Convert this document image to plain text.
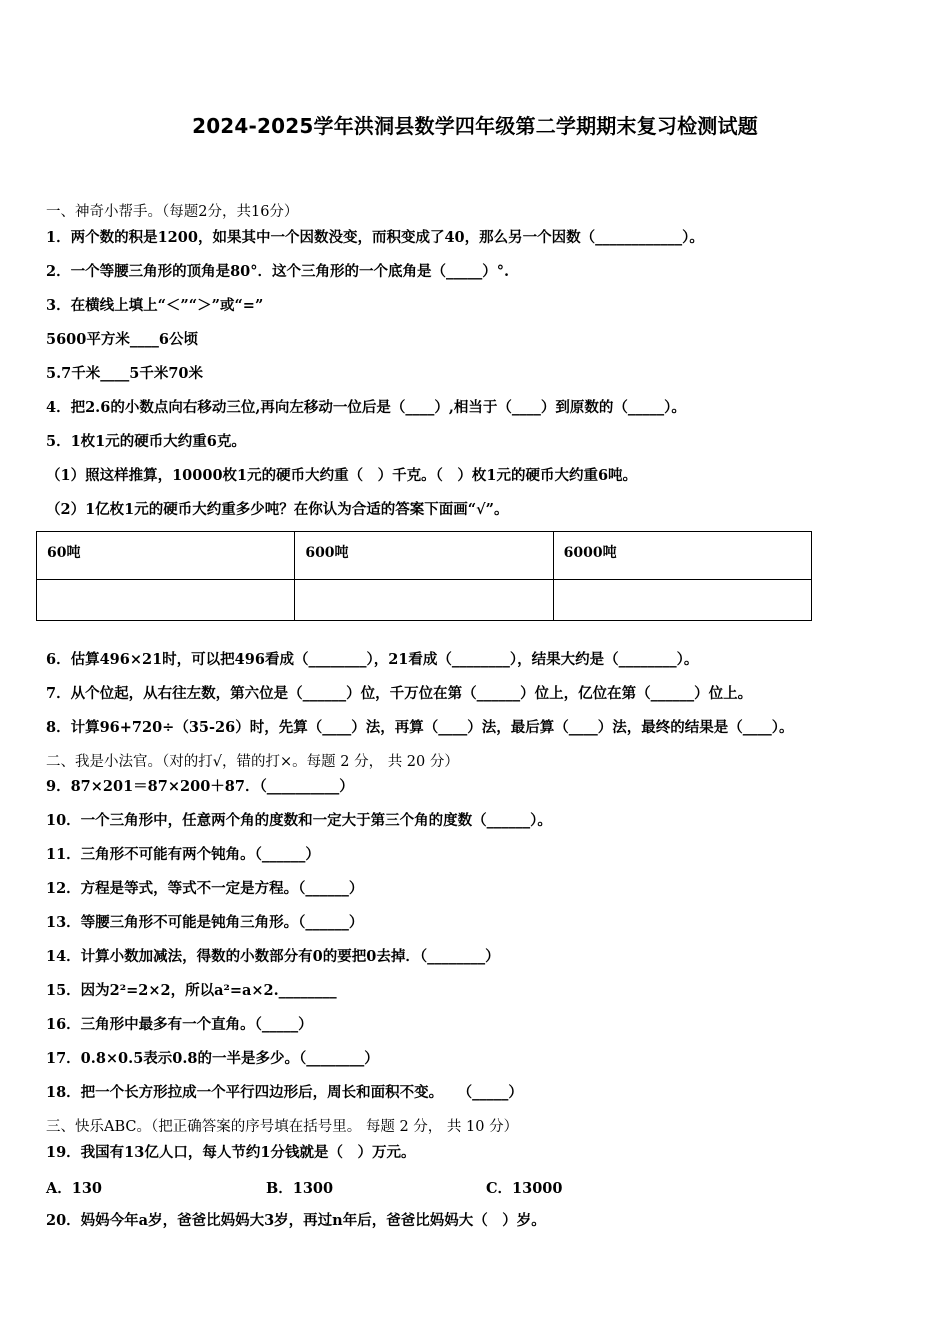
2024-2025学年洪洞县数学四年级第二学期期末复习检测试题
一、神奇小帮手。（每题2分，共16分）
1．两个数的积是1200，如果其中一个因数没变，而积变成了40，那么另一个因数（____________）。
2．一个等腰三角形的顶角是80°．这个三角形的一个底角是（_____）°.
3．在横线上填上“＜”“＞”或“=”
5600平方米____6公顷
5.7千米____5千米70米
4．把2.6的小数点向右移动三位,再向左移动一位后是（____）,相当于（____）到原数的（_____）。
5．1枚1元的硬币大约重6克。
（1）照这样推算，10000枚1元的硬币大约重（　）千克。（　）枚1元的硬币大约重6吨。
（2）1亿枚1元的硬币大约重多少吨？在你认为合适的答案下面画“√”。
60吨	600吨	6000吨

6．估算496×21时，可以把496看成（________），21看成（________），结果大约是（________）。
7．从个位起，从右往左数，第六位是（______）位，千万位在第（______）位上，亿位在第（______）位上。
8．计算96+720÷（35-26）时，先算（____）法，再算（____）法，最后算（____）法，最终的结果是（____）。
二、我是小法官。（对的打√，错的打×。每题 2 分， 共 20 分）
9．87×201＝87×200＋87．（__________）
10．一个三角形中，任意两个角的度数和一定大于第三个角的度数（______）。
11．三角形不可能有两个钝角。（______）
12．方程是等式，等式不一定是方程。（______）
13．等腰三角形不可能是钝角三角形。（______）
14．计算小数加减法，得数的小数部分有0的要把0去掉．（________）
15．因为2²=2×2，所以a²=a×2.________
16．三角形中最多有一个直角。（_____）
17．0.8×0.5表示0.8的一半是多少。（________）
18．把一个长方形拉成一个平行四边形后，周长和面积不变。　　（_____）
三、快乐ABC。（把正确答案的序号填在括号里。 每题 2 分， 共 10 分）
19．我国有13亿人口，每人节约1分钱就是（　）万元。
A．130	B．1300	C．13000
20．妈妈今年a岁，爸爸比妈妈大3岁，再过n年后，爸爸比妈妈大（　）岁。
